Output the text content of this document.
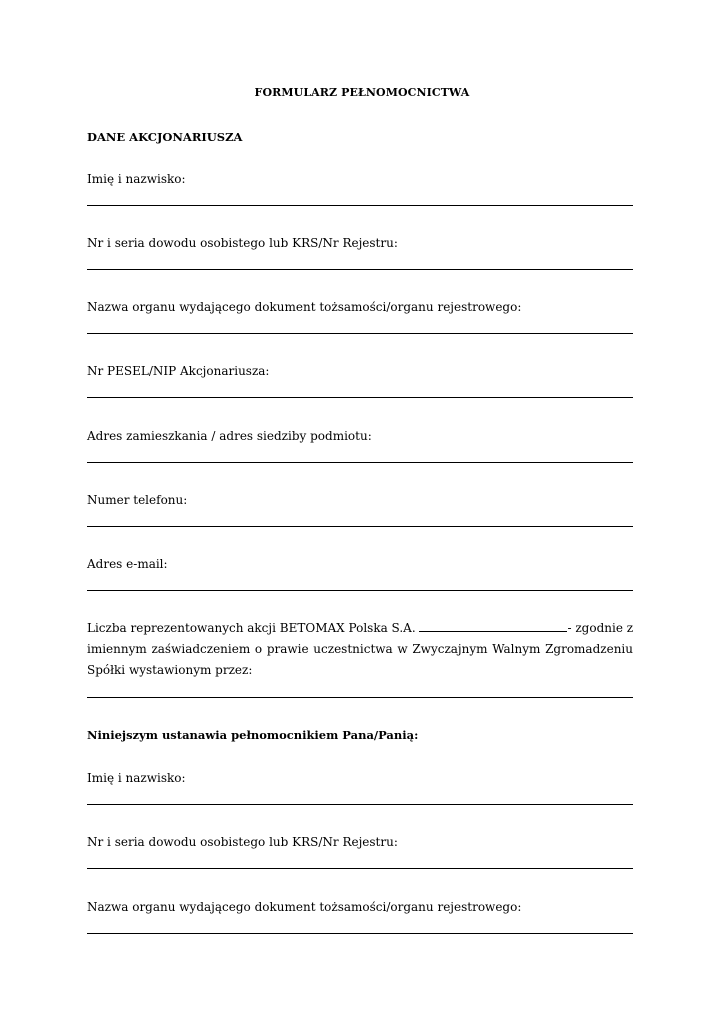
FORMULARZ PEŁNOMOCNICTWA
DANE AKCJONARIUSZA
Imię i nazwisko:
Nr i seria dowodu osobistego lub KRS/Nr Rejestru:
Nazwa organu wydającego dokument tożsamości/organu rejestrowego:
Nr PESEL/NIP Akcjonariusza:
Adres zamieszkania / adres siedziby podmiotu:
Numer telefonu:
Adres e-mail:
Liczba reprezentowanych akcji BETOMAX Polska S.A.	- zgodnie z
imiennym zaświadczeniem o prawie uczestnictwa w Zwyczajnym Walnym Zgromadzeniu
Spółki wystawionym przez:
Niniejszym ustanawia pełnomocnikiem Pana/Panią:
Imię i nazwisko:
Nr i seria dowodu osobistego lub KRS/Nr Rejestru:
Nazwa organu wydającego dokument tożsamości/organu rejestrowego:
